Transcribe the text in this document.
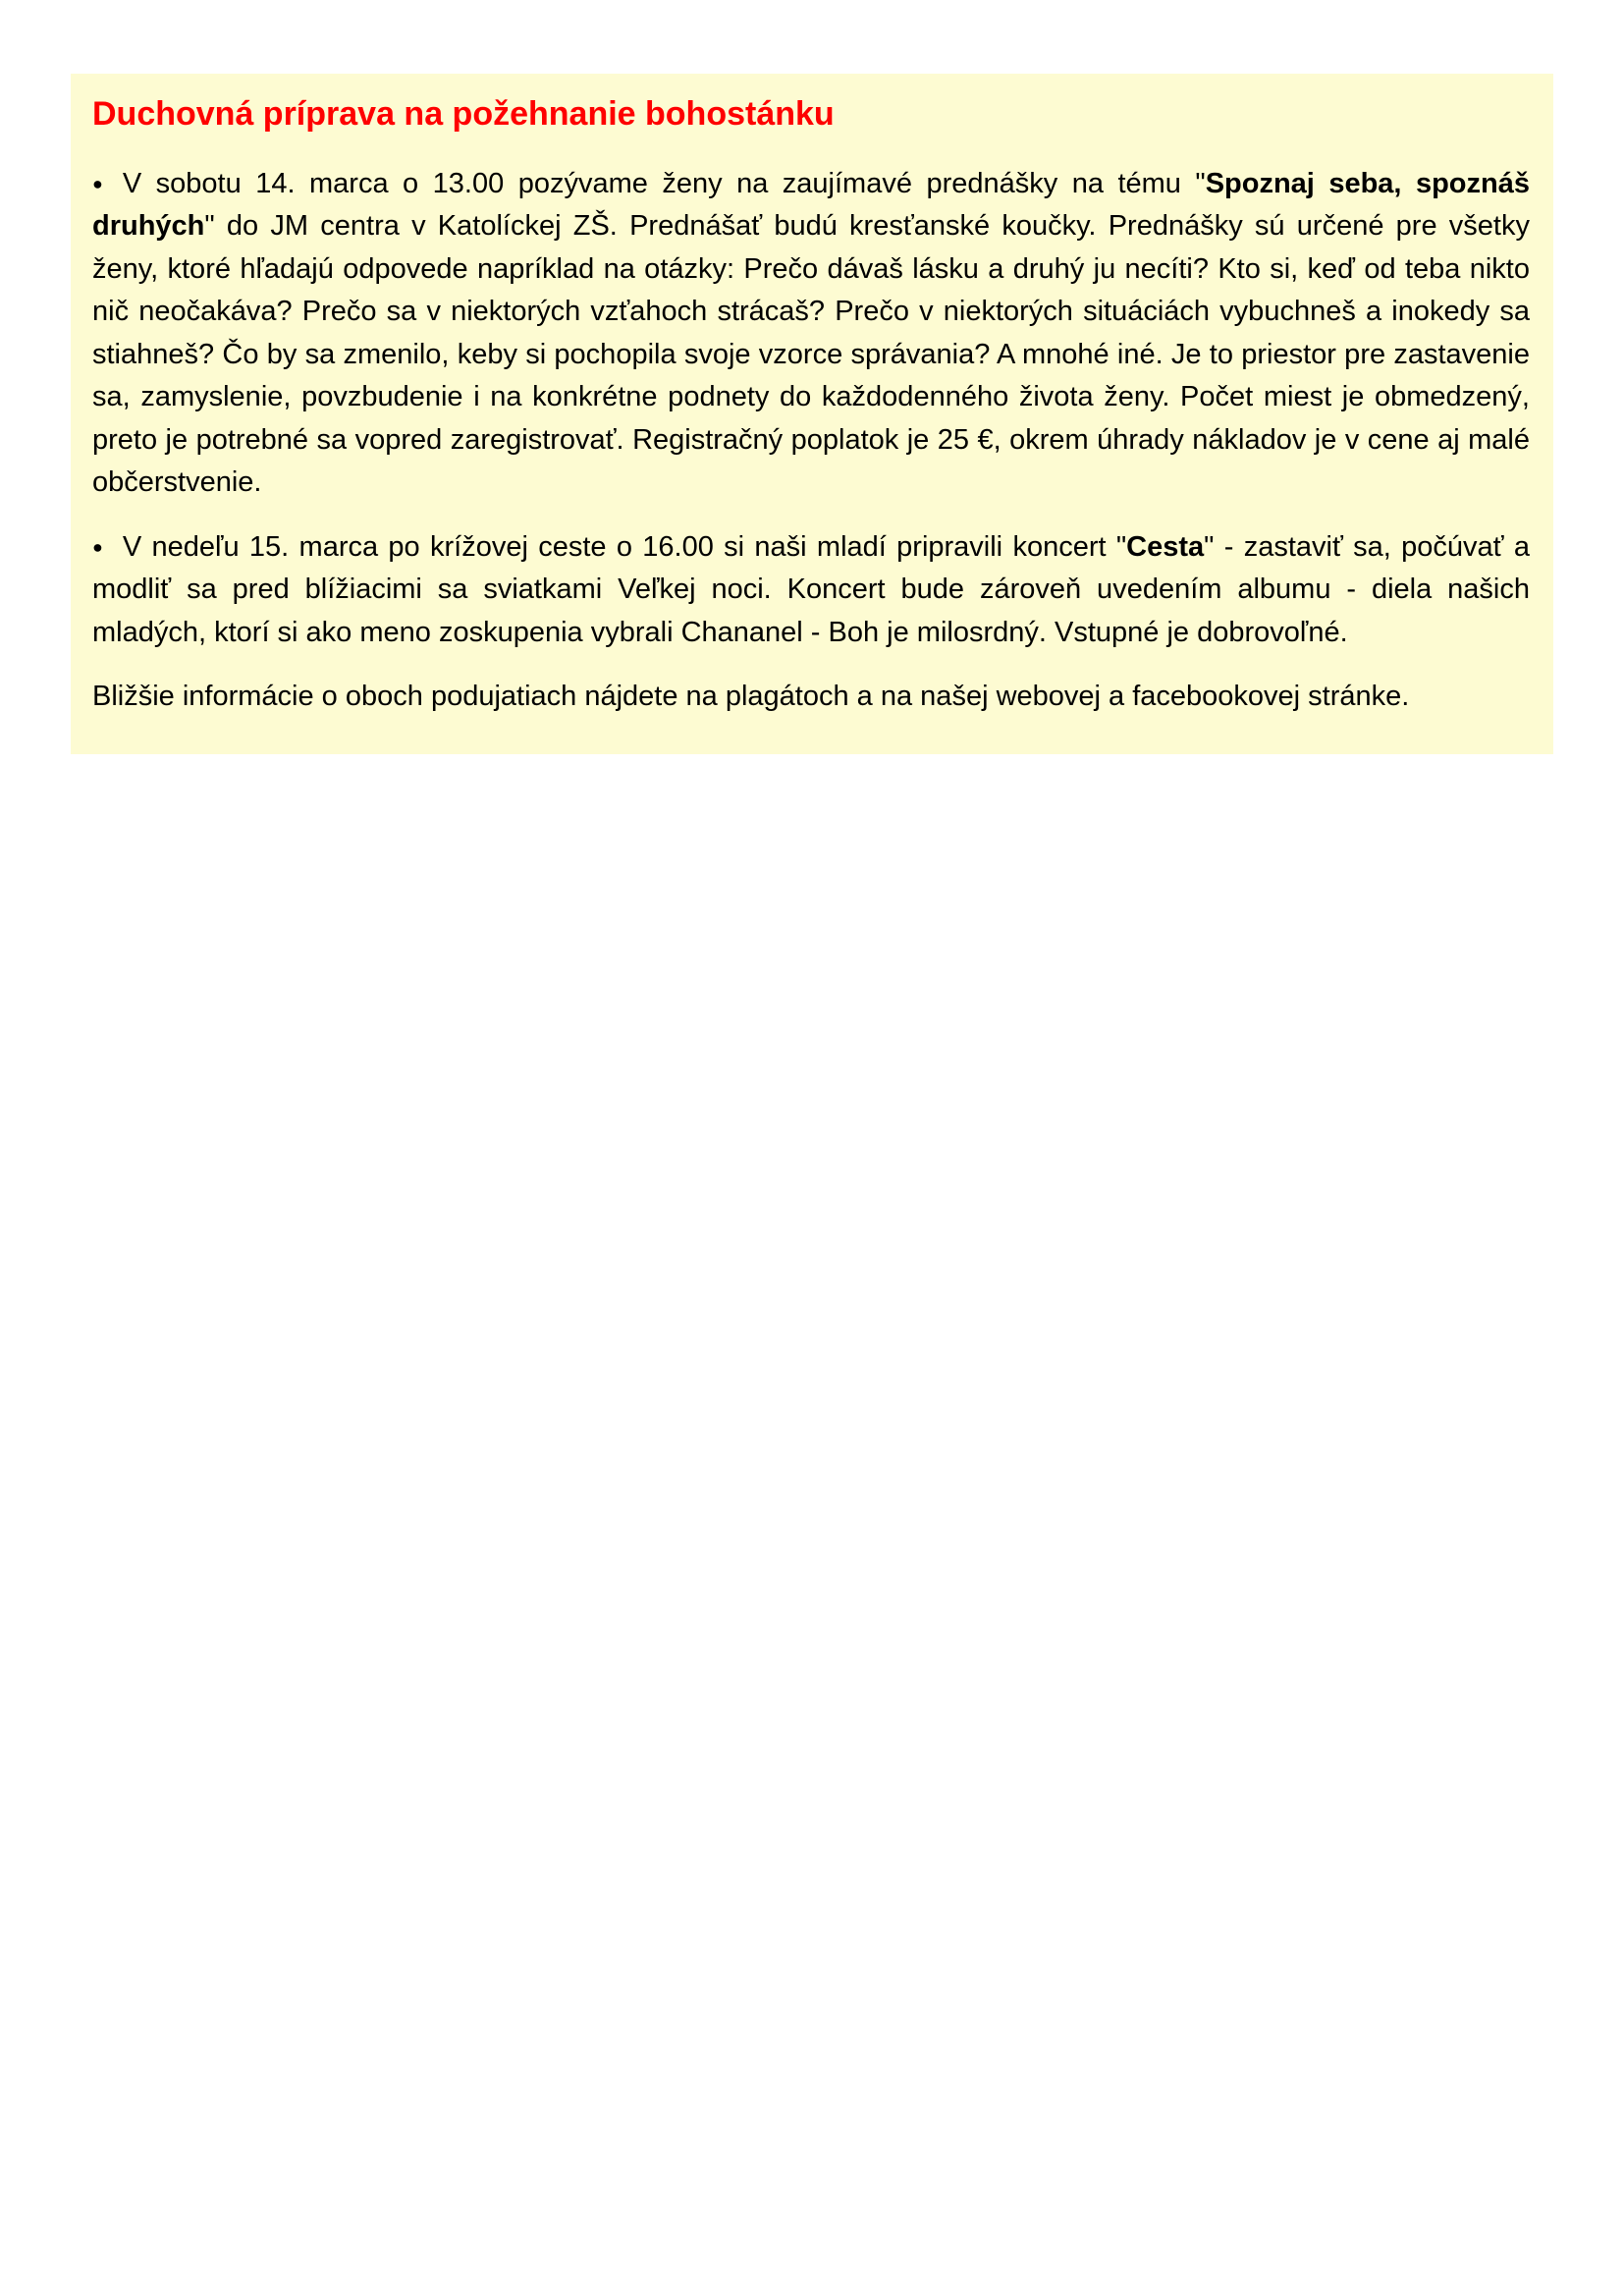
Duchovná príprava na požehnanie bohostánku

● V sobotu 14. marca o 13.00 pozývame ženy na zaujímavé prednášky na tému "Spoznaj seba, spoznáš druhých" do JM centra v Katolíckej ZŠ. Prednášať budú kresťanské koučky. Prednášky sú určené pre všetky ženy, ktoré hľadajú odpovede napríklad na otázky: Prečo dávaš lásku a druhý ju necíti? Kto si, keď od teba nikto nič neočakáva? Prečo sa v niektorých vzťahoch strácaš? Prečo v niektorých situáciách vybuchneš a inokedy sa stiahneš? Čo by sa zmenilo, keby si pochopila svoje vzorce správania? A mnohé iné. Je to priestor pre zastavenie sa, zamyslenie, povzbudenie i na konkrétne podnety do každodenného života ženy. Počet miest je obmedzený, preto je potrebné sa vopred zaregistrovať. Registračný poplatok je 25 €, okrem úhrady nákladov je v cene aj malé občerstvenie.

● V nedeľu 15. marca po krížovej ceste o 16.00 si naši mladí pripravili koncert "Cesta" - zastaviť sa, počúvať a modliť sa pred blížiacimi sa sviatkami Veľkej noci. Koncert bude zároveň uvedením albumu - diela našich mladých, ktorí si ako meno zoskupenia vybrali Chananel - Boh je milosrdný. Vstupné je dobrovoľné.

Bližšie informácie o oboch podujatiach nájdete na plagátoch a na našej webovej a facebookovej stránke.
